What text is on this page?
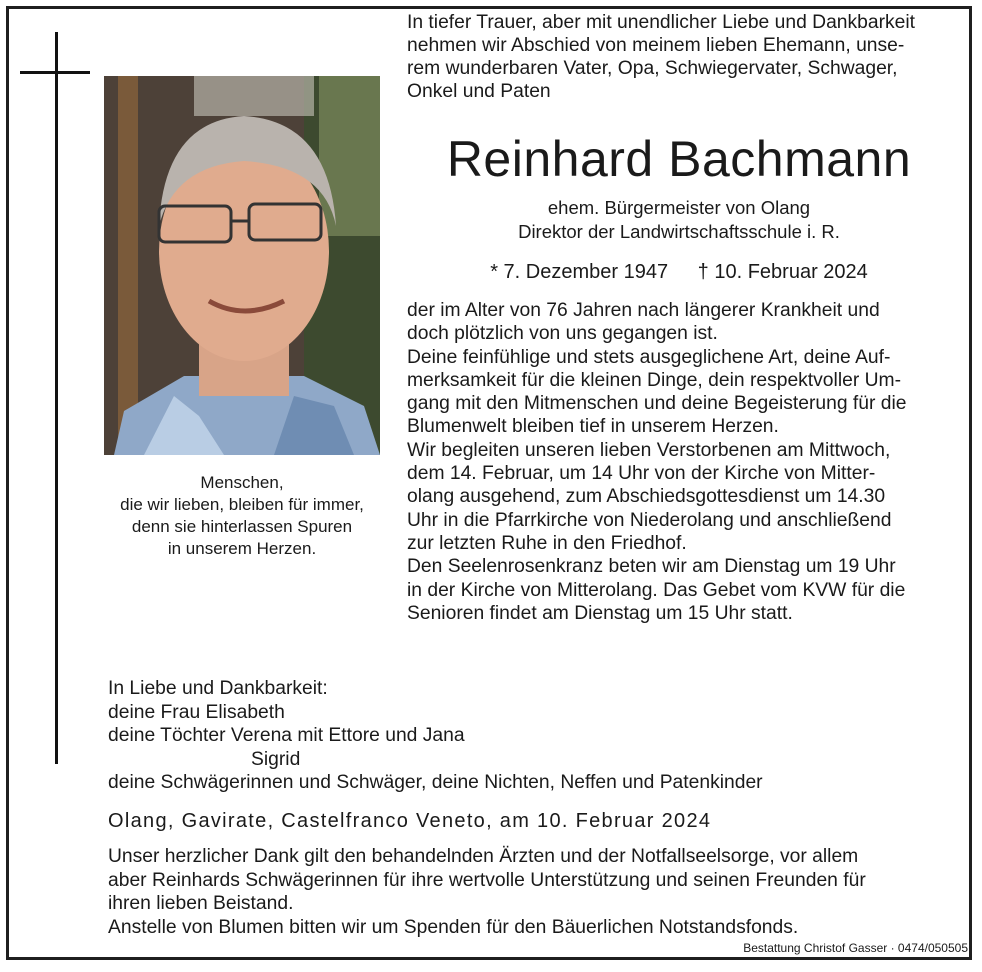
Menschen,
die wir lieben, bleiben für immer,
denn sie hinterlassen Spuren
in unserem Herzen.
In tiefer Trauer, aber mit unendlicher Liebe und Dankbarkeit
nehmen wir Abschied von meinem lieben Ehemann, unse-
rem wunderbaren Vater, Opa, Schwiegervater, Schwager,
Onkel und Paten
Reinhard Bachmann
ehem. Bürgermeister von Olang
Direktor der Landwirtschaftsschule i. R.
* 7. Dezember 1947 † 10. Februar 2024
der im Alter von 76 Jahren nach längerer Krankheit und
doch plötzlich von uns gegangen ist.
Deine feinfühlige und stets ausgeglichene Art, deine Auf-
merksamkeit für die kleinen Dinge, dein respektvoller Um-
gang mit den Mitmenschen und deine Begeisterung für die
Blumenwelt bleiben tief in unserem Herzen.
Wir begleiten unseren lieben Verstorbenen am Mittwoch,
dem 14. Februar, um 14 Uhr von der Kirche von Mitter-
olang ausgehend, zum Abschiedsgottesdienst um 14.30
Uhr in die Pfarrkirche von Niederolang und anschließend
zur letzten Ruhe in den Friedhof.
Den Seelenrosenkranz beten wir am Dienstag um 19 Uhr
in der Kirche von Mitterolang. Das Gebet vom KVW für die
Senioren findet am Dienstag um 15 Uhr statt.
In Liebe und Dankbarkeit:
deine Frau Elisabeth
deine Töchter Verena mit Ettore und Jana
Sigrid
deine Schwägerinnen und Schwäger, deine Nichten, Neffen und Patenkinder
Olang, Gavirate, Castelfranco Veneto, am 10. Februar 2024
Unser herzlicher Dank gilt den behandelnden Ärzten und der Notfallseelsorge, vor allem
aber Reinhards Schwägerinnen für ihre wertvolle Unterstützung und seinen Freunden für
ihren lieben Beistand.
Anstelle von Blumen bitten wir um Spenden für den Bäuerlichen Notstandsfonds.
Bestattung Christof Gasser · 0474/050505
